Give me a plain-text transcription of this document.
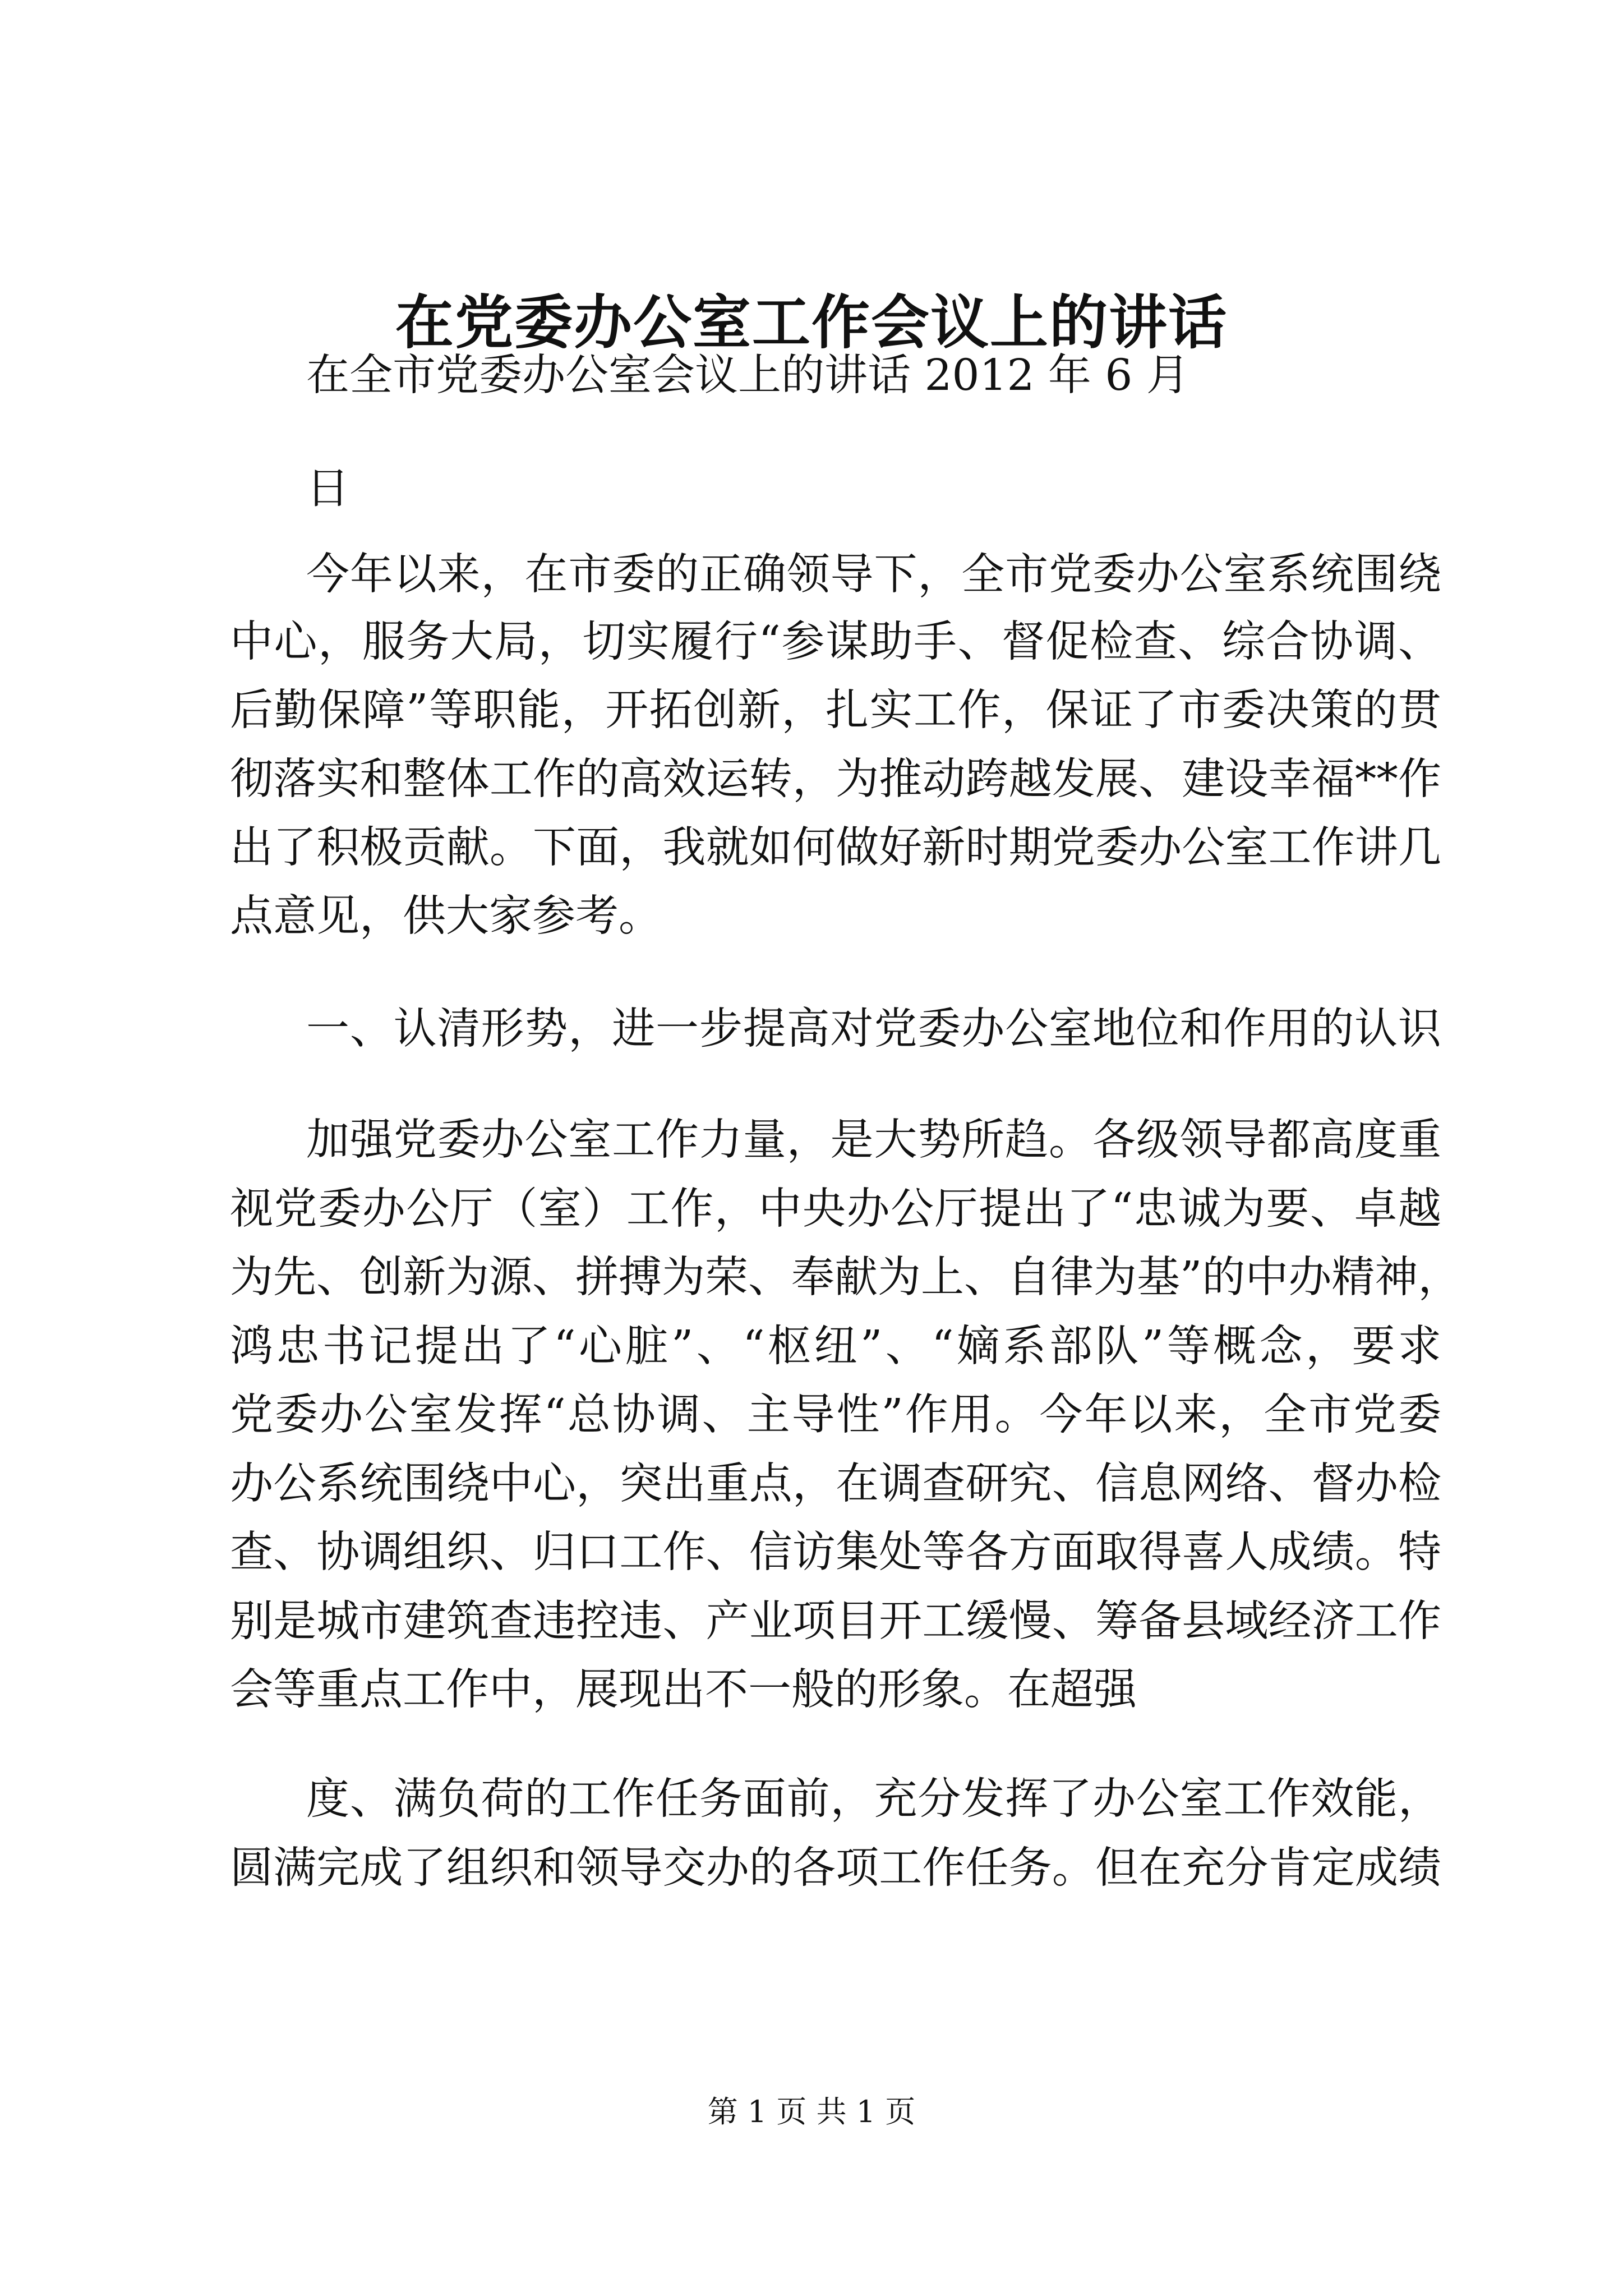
在党委办公室工作会议上的讲话
在全市党委办公室会议上的讲话 2012 年 6 月
日
今年以来，在市委的正确领导下，全市党委办公室系统围绕
中心，服务大局，切实履行“参谋助手、督促检查、综合协调、
后勤保障”等职能，开拓创新，扎实工作，保证了市委决策的贯
彻落实和整体工作的高效运转，为推动跨越发展、建设幸福**作
出了积极贡献。下面，我就如何做好新时期党委办公室工作讲几
点意见，供大家参考。
一、认清形势，进一步提高对党委办公室地位和作用的认识
加强党委办公室工作力量，是大势所趋。各级领导都高度重
视党委办公厅（室）工作，中央办公厅提出了“忠诚为要、卓越
为先、创新为源、拼搏为荣、奉献为上、自律为基”的中办精神，
鸿忠书记提出了“心脏”、“枢纽”、“嫡系部队”等概念，要求
党委办公室发挥“总协调、主导性”作用。今年以来，全市党委
办公系统围绕中心，突出重点，在调查研究、信息网络、督办检
查、协调组织、归口工作、信访集处等各方面取得喜人成绩。特
别是城市建筑查违控违、产业项目开工缓慢、筹备县域经济工作
会等重点工作中，展现出不一般的形象。在超强
度、满负荷的工作任务面前，充分发挥了办公室工作效能，
圆满完成了组织和领导交办的各项工作任务。但在充分肯定成绩
第 1 页 共 1 页
